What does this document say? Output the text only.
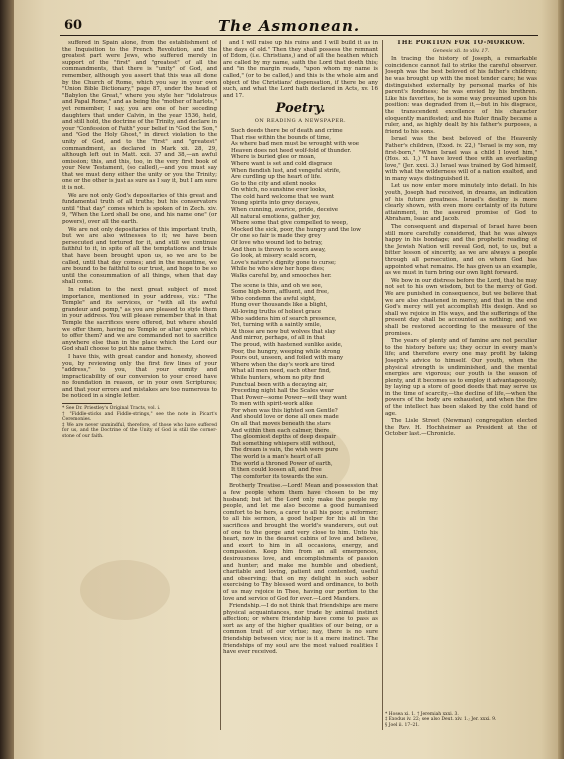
60	The Asmonean.

suffered in Spain alone, from the establishment of the Inquisition to the French Revolution, and the greatest part were Jews, who suffered merely in support of the "first" and "greatest" of all the commandments, that there is "unity" of God, and remember, although you assert that this was all done by the Church of Rome, which you say in your own "Union Bible Dictionary," page 87, under the head of "Babylon the Great," where you style her "idolatrous and Papal Rome," and as being the "mother of harlots," yet remember, I say, you are one of her seceding daughters that under Calvin, in the year 1536, held, and still hold, the doctrine of the Trinity, and declare in your "Confession of Faith" your belief in "God the Son," and "God the Holy Ghost," in direct violation to the unity of God, and to the "first" and "greatest" commandment, as declared in Mark xii. 28, 29, although left out in Matt. xxii. 37 and 38,—an awful omission; this, and this, too, in the very first book of your New Testament, (so called),—and you must say that we must deny either the unity or you the Trinity; one or the other is just as sure as I say it, but I am sure it is not.

We are not only God's depositaries of this great and fundamental truth of all truths; but his conservators until "that day" comes which is spoken of in Zech. xiv. 9, "When the Lord shall be one, and his name one" (or powers), over all the earth.

We are not only depositaries of this important truth, but we are also witnesses to it; we have been persecuted and tortured for it, and still we continue faithful to it, in spite of all the temptations and trials that have been brought upon us, so we are to be called, until that day comes; and in the meantime, we are bound to be faithful to our trust, and hope to be so until the consummation of all things, when that day shall come.

In relation to the next great subject of most importance, mentioned in your address, viz.: "The Temple" and its services, or "with all its awful grandeur and pomp," as you are pleased to style them in your address. You will please remember that in that Temple the sacrifices were offered, but where should we offer them, having no Temple or altar upon which to offer them? and we are commanded not to sacrifice anywhere else than in the place which the Lord our God shall choose to put his name there.

I have this, with great candor and honesty, showed you, by reviewing only the first few lines of your "address," to you, that your enmity and impracticability of our conversion to your creed have no foundation in reason, or in your own Scriptures; and that your errors and mistakes are too numerous to be noticed in a single letter.

* See Dr. Priestley's Original Tracts, vol. i.
† "Fiddle-sticks and Fiddle-strings," see the note in Picart's Ceremonies.
‡ We are never unmindful, therefore, of those who have suffered for us, and the Doctrine of the Unity of God is still the corner-stone of our faith.

and I will raise up his ruins and I will build it as in the days of old." Then they shall possess the remnant of Edom, (i.e. Christians,) and of all the heathen which are called by my name, saith the Lord that doeth this; and "in the margin reads, "upon whom my name is called," (or to be called,) and this is the whole aim and object of the Christians' dispensation, if there be any such, and what the Lord hath declared in Acts, xv. 16 and 17.

Poetry.
ON READING A NEWSPAPER.
Such deeds there be of death and crime
That rise within the bounds of time,
As where bad men must be wrought with woe
Heaven does not heed wolf-fold of thunder.
Where is buried glee or moan,
Where want is set and cold disgrace
When fiendish lust, and vengeful strife,
Are curdling up the heart of life.
Go to the city and silent nooks
On which, no sunshine ever looks,
The cold hard welcome that we want
Young spirits into grey decayes,
When cunning, avarice, pride, deceive
All natural emotions, gather joy,
Where some that give compelled to weep,
Mocked the sick, poor, the hungry and the low
Or one so fair is made they grey
Of love who wound led to betray,
And then is thrown to scorn away,
Go look, at misery scald scorn,
Love's nature's dignity gone to curse;
While he who slew her hope dies;
Walks careful by, and smooches her.
The scene is this, and oh we see,
Some high-born, affluent, and free,
Who condemn the awful sight,
Hung over thousands like a blight,
All-loving truths of holiest grace
Who saddens him of search presence,
Yet, turning with a saintly smile,
At those are now but wolves that slay
And mirror, perhaps, of all in that
The proud, with hastened sunlike aside,
Poor, the hungry, weeping while strong
Pours out, unseen, and foiled with many
Where when the day's work are tired
What all men need, each other find,
While hunters, whom no pity find
Punctual been with a decaying air,
Preceding night hall the Scales wear
That Power—some Power—will they want
To men with spirit-work alike
For when was this lighted son Gentle?
And should love or done all ones made
On all that moves beneath the stars
And within then each calmer, there
The gloomiest depths of deep despair
But something whispers still without,
The dream is vain, the wish were pure
The world is a man's heart of all
The world a throned Power of earth,
It then could loosen all, and free
The comforter its towards the sun.

Brotherly Treatise.—Lord! Mean and possession that a few people whom them have chosen to be my husband; but let the Lord only make the people my people, and let me also become a good humanised comfort to be hers, a carer to all his poor, a reformer; to all his sermon, a good helper for his all in the sacrifices and brought the world's wanderers, out out of one to the gorge and very close to him. Unto his heart, now in the dearest cabins of love and believe, and exert to him in all occasions, energy, and compassion. Keep him from an all emergences, desirousness love, and encomplishments of passion and hunter; and make me humble and obedient, charitable and loving, patient and contented, useful and observing; that on my delight in such sober exercising to Thy blessed word and ordinance, to both of us may rejoice in Thee, having our portion to the love and service of God for ever.—Lord Manders.

Friendship.—I do not think that friendships are mere physical acquaintances, nor trade by animal instinct affection; or where friendship have come to pass as sort as any of the higher qualities of our being, or a common trait of our virtue; nay, there is no sure friendship between vice; nor is it a mere instinct. The friendships of my soul are the most valued realities I have ever received.

THE PORTION FOR TO-MORROW.
Genesis xli. to xliv. 17.

In tracing the history of Joseph, a remarkable coincidence cannot fail to strike the careful observer. Joseph was the best beloved of his father's children; he was brought up with the most tender care; he was distinguished externally by personal marks of his parent's fondness; he was envied by his brethren. Like his favorites, he is some way presumed upon his position: was degraded from it,—but in his disgrace, the transcendent excellence of his character eloquently manifested; and his Ruler finally became a ruler, and, as highly dealt by his father's purposes, a friend to his sons.

Israel was the best beloved of the Heavenly Father's children, (Exod. iv. 22,) "Israel is my son, my first-born," "When Israel was a child I loved him," (Hos. xi. 1,) "I have loved thee with an everlasting love," (Jer. xxxi. 3.) Israel was trained by God himself, with what the wilderness will of a nation exalted, and in many ways distinguished it.

Let us now enter more minutely into detail. In his youth, Joseph had received, in dreams, an indication of his future greatness. Israel's destiny is more clearly shown, with even more certainty of its future attainment, in the assured promise of God to Abraham, Isaac and Jacob.

The consequent and dispersal of Israel have been still more carefully considered, that he was always happy in his bondage; and the prophetic reading of the Jewish Nation will reveal God, not, to us, but a bitter lesson of sincerity, as we are always a people through all persecution, and on whom God has appointed what remains. He has given us an example, as we must in turn bring our own light forward.

We bow in our distress before the Lord, that he may not set to his own wisdom, but to the mercy of God. We are punished in consequence, but we believe that we are also chastened in mercy, and that in the end God's mercy will yet accomplish His design. And so shall we rejoice in His ways, and the sufferings of the present day shall be accounted as nothing; and we shall be restored according to the measure of the promises.

The years of plenty and of famine are not peculiar to the history before us; they occur in every man's life; and therefore every one may profit by taking Joseph's advice to himself. Our youth, when the physical strength is undiminished, and the mental energies are vigorous; our youth is the season of plenty, and it becomes us to employ it advantageously, by laying up a store of good deeds that may serve us in the time of scarcity,—the decline of life,—when the powers of the body are exhausted, and when the fire of the intellect has been slaked by the cold hand of age.

The Lisle Street (Newman) congregation elected the Rev. H. Hochheimer as President at the of October last.—Chronicle.

* Hosea xi. 1. † Jeremiah xxxi. 3.
‡ Exodus iv. 22; see also Deut. xiv. 1.; Jer. xxxi. 9.
§ Joel ii. 17–21.
